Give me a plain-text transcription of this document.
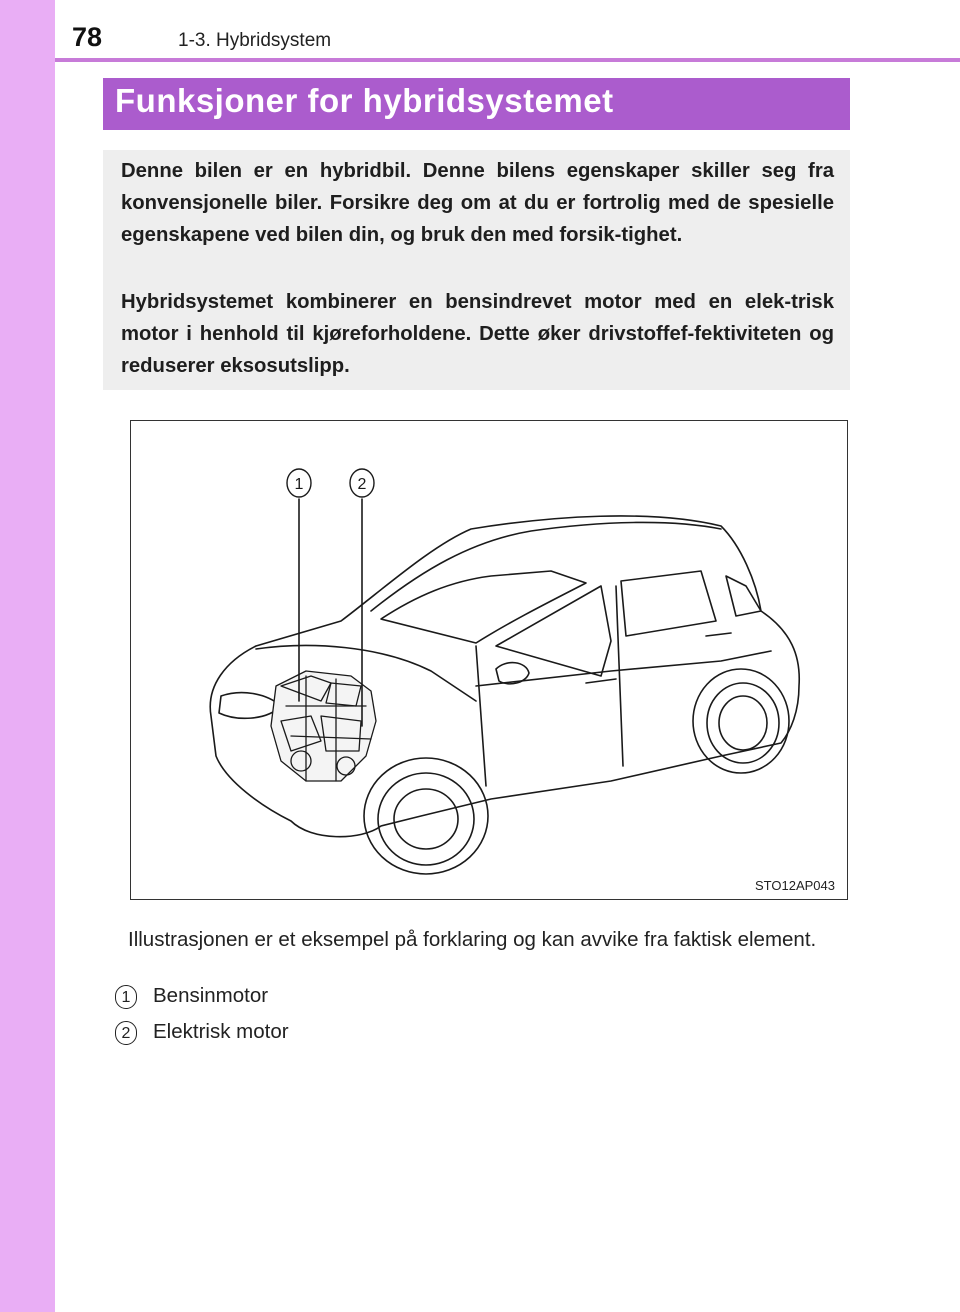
78	1-3. Hybridsystem
Funksjoner for hybridsystemet

Denne bilen er en hybridbil. Denne bilens egenskaper skiller seg fra konvensjonelle biler. Forsikre deg om at du er fortrolig med de spesielle egenskapene ved bilen din, og bruk den med forsik-tighet.

Hybridsystemet kombinerer en bensindrevet motor med en elek-trisk motor i henhold til kjøreforholdene. Dette øker drivstoffef-fektiviteten og reduserer eksosutslipp.

1	2
STO12AP043

Illustrasjonen er et eksempel på forklaring og kan avvike fra faktisk element.

1	Bensinmotor
2	Elektrisk motor
